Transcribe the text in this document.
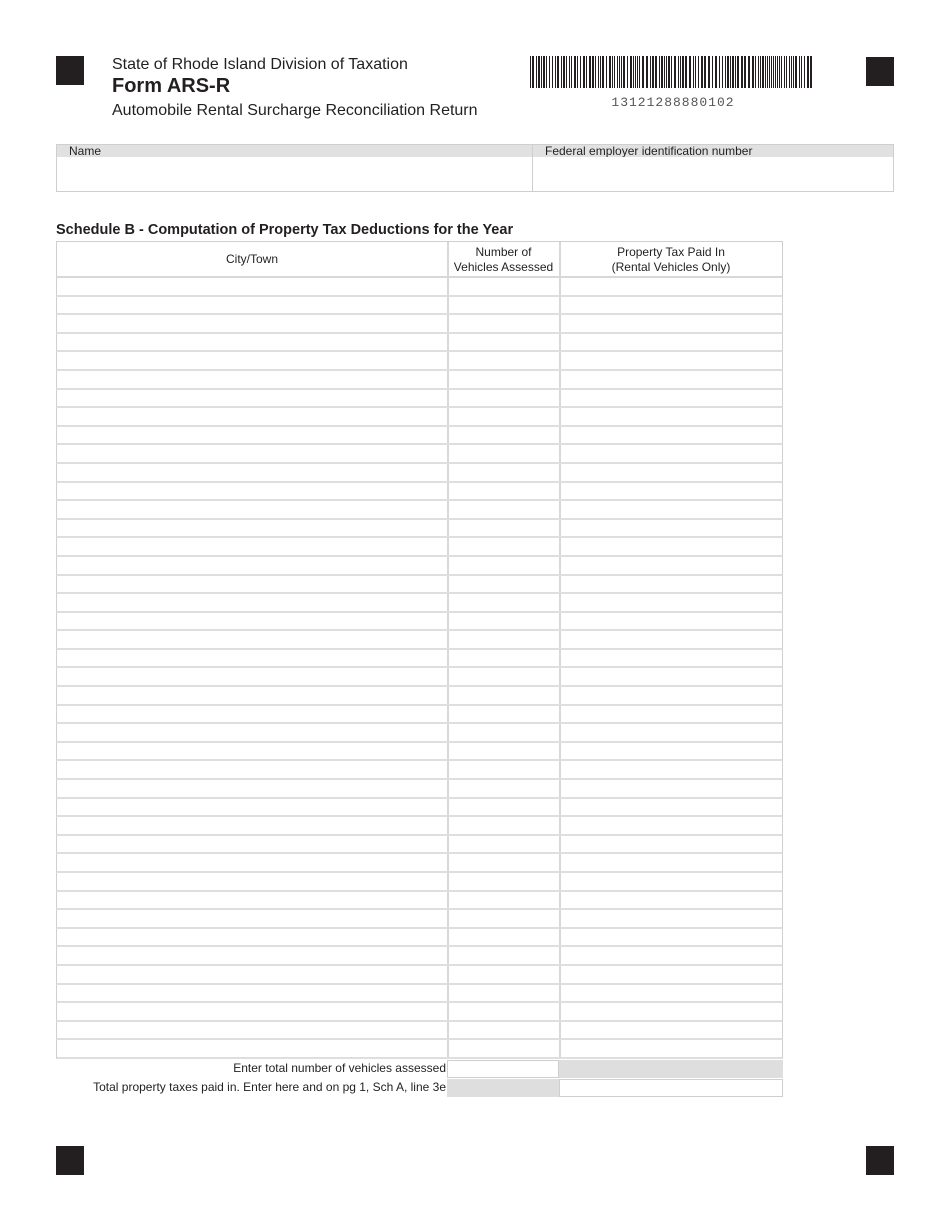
State of Rhode Island Division of Taxation
Form ARS-R
Automobile Rental Surcharge Reconciliation Return	13121288880102
Name	Federal employer identification number
Schedule B - Computation of Property Tax Deductions for the Year
City/Town
Number of
Vehicles Assessed
Property Tax Paid In
(Rental Vehicles Only)
Enter total number of vehicles assessed
Total property taxes paid in. Enter here and on pg 1, Sch A, line 3e
